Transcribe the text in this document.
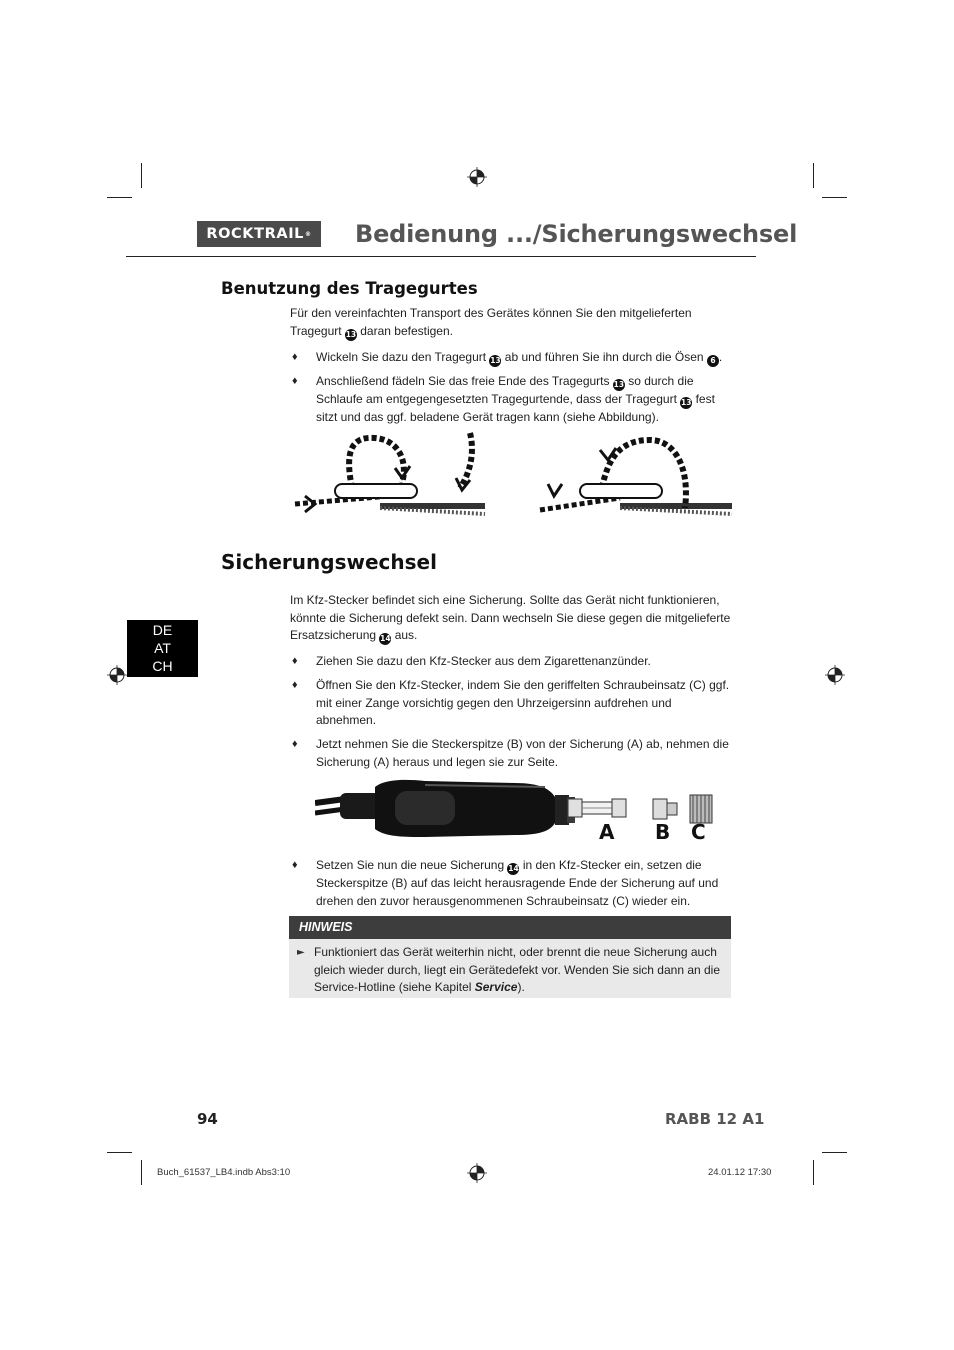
ROCKTRAIL ® Bedienung .../Sicherungswechsel
Benutzung des Tragegurtes
Für den vereinfachten Transport des Gerätes können Sie den mitgelieferten Tragegurt 13 daran befestigen.
♦ Wickeln Sie dazu den Tragegurt 13 ab und führen Sie ihn durch die Ösen 6 .
♦ Anschließend fädeln Sie das freie Ende des Tragegurts 13 so durch die Schlaufe am entgegengesetzten Tragegurtende, dass der Tragegurt 13 fest sitzt und das ggf. beladene Gerät tragen kann (siehe Abbildung).
Sicherungswechsel
Im Kfz-Stecker befindet sich eine Sicherung. Sollte das Gerät nicht funktionieren, könnte die Sicherung defekt sein. Dann wechseln Sie diese gegen die mitgelieferte Ersatzsicherung 14 aus.
DE
AT
CH	♦ Ziehen Sie dazu den Kfz-Stecker aus dem Zigarettenanzünder.
♦ Öffnen Sie den Kfz-Stecker, indem Sie den geriffelten Schraubeinsatz (C) ggf. mit einer Zange vorsichtig gegen den Uhrzeigersinn aufdrehen und abnehmen.
♦ Jetzt nehmen Sie die Steckerspitze (B) von der Sicherung (A) ab, nehmen die Sicherung (A) heraus und legen sie zur Seite.
A B C
♦ Setzen Sie nun die neue Sicherung 14 in den Kfz-Stecker ein, setzen die Steckerspitze (B) auf das leicht herausragende Ende der Sicherung auf und drehen den zuvor herausgenommenen Schraubeinsatz (C) wieder ein.
HINWEIS
► Funktioniert das Gerät weiterhin nicht, oder brennt die neue Sicherung auch gleich wieder durch, liegt ein Gerätedefekt vor. Wenden Sie sich dann an die Service-Hotline (siehe Kapitel Service).
94	RABB 12 A1
Buch_61537_LB4.indb Abs3:10	24.01.12 17:30
